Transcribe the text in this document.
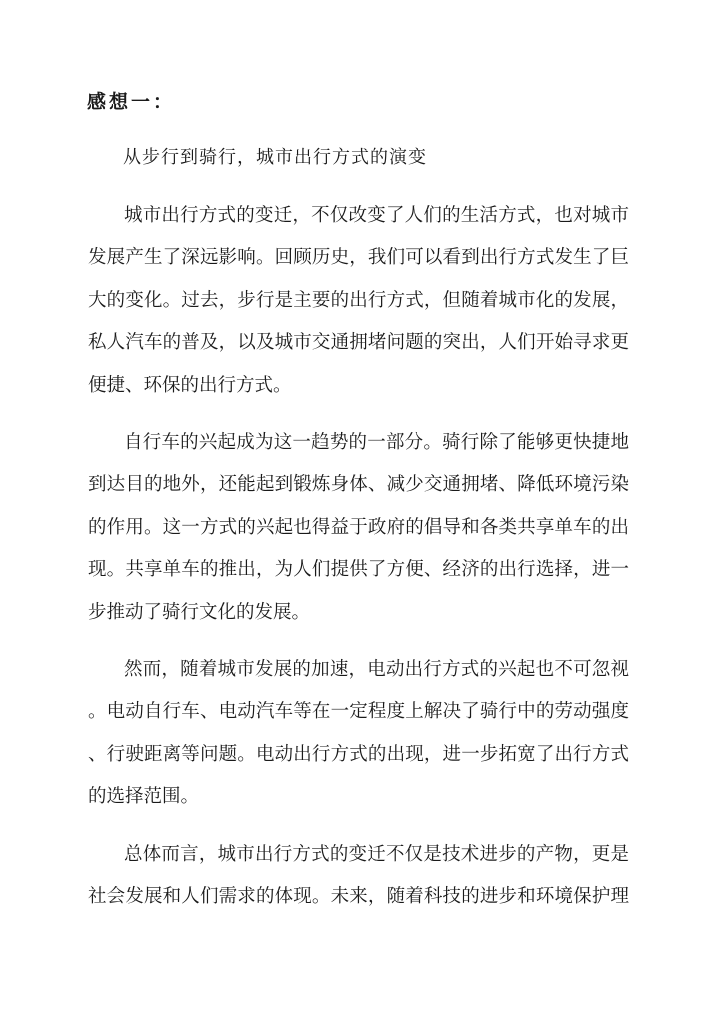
感想一：
从步行到骑行，城市出行方式的演变
城市出行方式的变迁，不仅改变了人们的生活方式，也对城市
发展产生了深远影响。回顾历史，我们可以看到出行方式发生了巨
大的变化。过去，步行是主要的出行方式，但随着城市化的发展，
私人汽车的普及，以及城市交通拥堵问题的突出，人们开始寻求更
便捷、环保的出行方式。
自行车的兴起成为这一趋势的一部分。骑行除了能够更快捷地
到达目的地外，还能起到锻炼身体、减少交通拥堵、降低环境污染
的作用。这一方式的兴起也得益于政府的倡导和各类共享单车的出
现。共享单车的推出，为人们提供了方便、经济的出行选择，进一
步推动了骑行文化的发展。
然而，随着城市发展的加速，电动出行方式的兴起也不可忽视
。电动自行车、电动汽车等在一定程度上解决了骑行中的劳动强度
、行驶距离等问题。电动出行方式的出现，进一步拓宽了出行方式
的选择范围。
总体而言，城市出行方式的变迁不仅是技术进步的产物，更是
社会发展和人们需求的体现。未来，随着科技的进步和环境保护理
